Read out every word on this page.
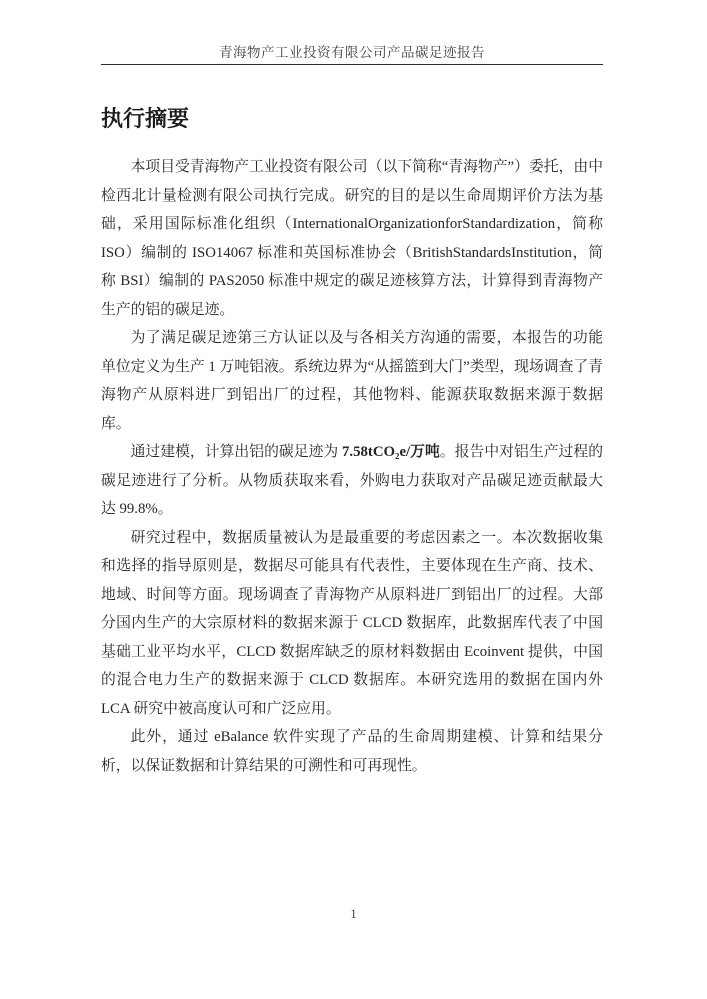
青海物产工业投资有限公司产品碳足迹报告
执行摘要

本项目受青海物产工业投资有限公司（以下简称“青海物产”）委托，由中检西北计量检测有限公司执行完成。研究的目的是以生命周期评价方法为基础，采用国际标准化组织（InternationalOrganizationforStandardization，简称 ISO）编制的 ISO14067 标准和英国标准协会（BritishStandardsInstitution，简称 BSI）编制的 PAS2050 标准中规定的碳足迹核算方法，计算得到青海物产生产的铝的碳足迹。

为了满足碳足迹第三方认证以及与各相关方沟通的需要，本报告的功能单位定义为生产 1 万吨铝液。系统边界为“从摇篮到大门”类型，现场调查了青海物产从原料进厂到铝出厂的过程，其他物料、能源获取数据来源于数据库。

通过建模，计算出铝的碳足迹为 7.58tCO₂e/万吨。报告中对铝生产过程的碳足迹进行了分析。从物质获取来看，外购电力获取对产品碳足迹贡献最大达 99.8%。

研究过程中，数据质量被认为是最重要的考虑因素之一。本次数据收集和选择的指导原则是，数据尽可能具有代表性，主要体现在生产商、技术、地域、时间等方面。现场调查了青海物产从原料进厂到铝出厂的过程。大部分国内生产的大宗原材料的数据来源于 CLCD 数据库，此数据库代表了中国基础工业平均水平，CLCD 数据库缺乏的原材料数据由 Ecoinvent 提供，中国的混合电力生产的数据来源于 CLCD 数据库。本研究选用的数据在国内外 LCA 研究中被高度认可和广泛应用。

此外，通过 eBalance 软件实现了产品的生命周期建模、计算和结果分析，以保证数据和计算结果的可溯性和可再现性。

1
